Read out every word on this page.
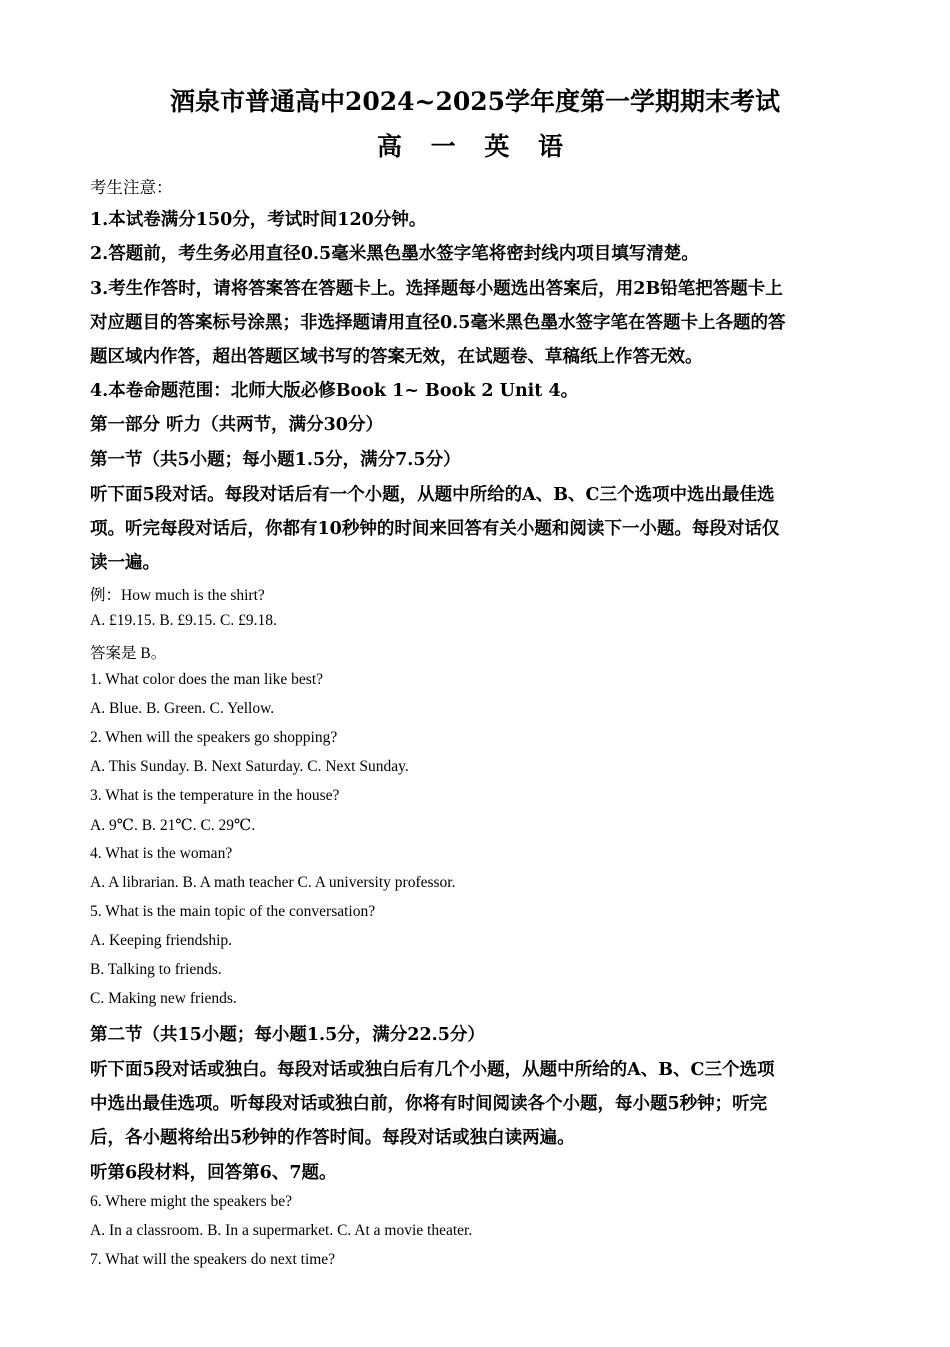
酒泉市普通高中2024~2025学年度第一学期期末考试
高 一 英 语
考生注意：
1.本试卷满分150分，考试时间120分钟。
2.答题前，考生务必用直径0.5毫米黑色墨水签字笔将密封线内项目填写清楚。
3.考生作答时，请将答案答在答题卡上。选择题每小题选出答案后，用2B铅笔把答题卡上
对应题目的答案标号涂黑；非选择题请用直径0.5毫米黑色墨水签字笔在答题卡上各题的答
题区域内作答，超出答题区域书写的答案无效，在试题卷、草稿纸上作答无效。
4.本卷命题范围：北师大版必修Book 1~ Book 2 Unit 4。
第一部分 听力（共两节，满分30分）
第一节（共5小题；每小题1.5分，满分7.5分）
听下面5段对话。每段对话后有一个小题，从题中所给的A、B、C三个选项中选出最佳选
项。听完每段对话后，你都有10秒钟的时间来回答有关小题和阅读下一小题。每段对话仅
读一遍。
例：How much is the shirt?
A. £19.15. B. £9.15. C. £9.18.
答案是 B。
1. What color does the man like best?
A. Blue. B. Green. C. Yellow.
2. When will the speakers go shopping?
A. This Sunday. B. Next Saturday. C. Next Sunday.
3. What is the temperature in the house?
A. 9℃. B. 21℃. C. 29℃.
4. What is the woman?
A. A librarian. B. A math teacher C. A university professor.
5. What is the main topic of the conversation?
A. Keeping friendship.
B. Talking to friends.
C. Making new friends.
第二节（共15小题；每小题1.5分，满分22.5分）
听下面5段对话或独白。每段对话或独白后有几个小题，从题中所给的A、B、C三个选项
中选出最佳选项。听每段对话或独白前，你将有时间阅读各个小题，每小题5秒钟；听完
后，各小题将给出5秒钟的作答时间。每段对话或独白读两遍。
听第6段材料，回答第6、7题。
6. Where might the speakers be?
A. In a classroom. B. In a supermarket. C. At a movie theater.
7. What will the speakers do next time?
